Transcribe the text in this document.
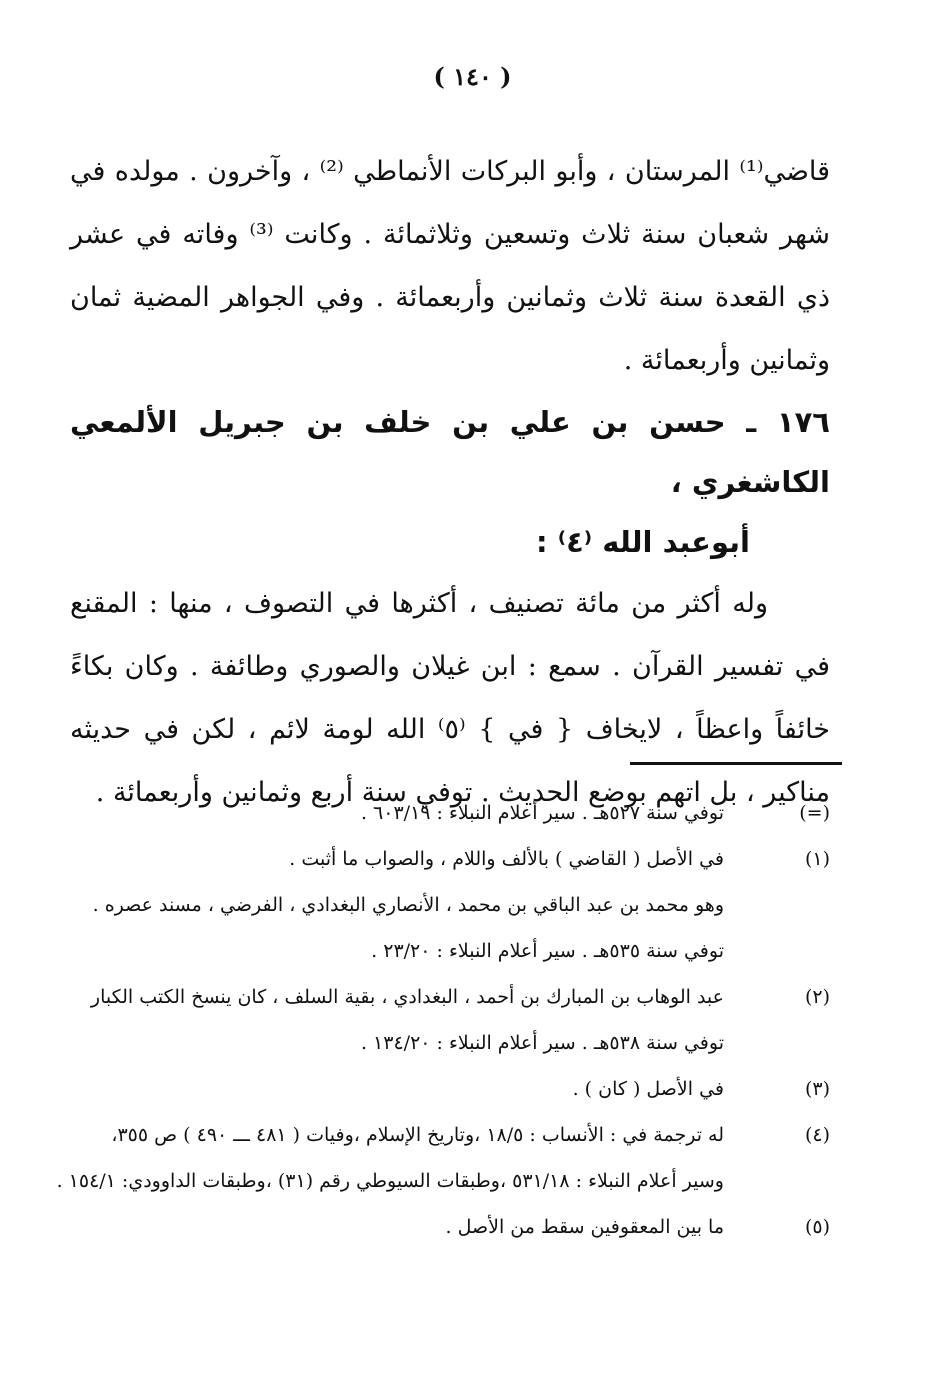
( ١٤٠ )

قاضي⁽¹⁾ المرستان ، وأبو البركات الأنماطي ⁽²⁾ ، وآخرون . مولده في شهر شعبان سنة ثلاث وتسعين وثلاثمائة . وكانت ⁽³⁾ وفاته في عشر ذي القعدة سنة ثلاث وثمانين وأربعمائة . وفي الجواهر المضية ثمان وثمانين وأربعمائة .

١٧٦ ـ حسن بن علي بن خلف بن جبريل الألمعي الكاشغري ،
أبوعبد الله ⁽٤⁾ :

وله أكثر من مائة تصنيف ، أكثرها في التصوف ، منها : المقنع في تفسير القرآن . سمع : ابن غيلان والصوري وطائفة . وكان بكاءً خائفاً واعظاً ، لايخاف { في } ⁽٥⁾ الله لومة لائم ، لكن في حديثه مناكير ، بل اتهم بوضع الحديث . توفي سنة أربع وثمانين وأربعمائة .

(=)
توفي سنة ٥٢٧هـ . سير أعلام النبلاء : ٦٠٣/١٩ .
(١)
في الأصل ( القاضي ) بالألف واللام ، والصواب ما أثبت .
وهو محمد بن عبد الباقي بن محمد ، الأنصاري البغدادي ، الفرضي ، مسند عصره .
توفي سنة ٥٣٥هـ . سير أعلام النبلاء : ٢٣/٢٠ .
(٢)
عبد الوهاب بن المبارك بن أحمد ، البغدادي ، بقية السلف ، كان ينسخ الكتب الكبار
توفي سنة ٥٣٨هـ . سير أعلام النبلاء : ١٣٤/٢٠ .
(٣)
في الأصل ( كان ) .
(٤)
له ترجمة في : الأنساب : ١٨/٥ ،وتاريخ الإسلام ،وفيات ( ٤٨١ ـــ ٤٩٠ ) ص ٣٥٥،
وسير أعلام النبلاء : ٥٣١/١٨ ،وطبقات السيوطي رقم (٣١) ،وطبقات الداوودي: ١٥٤/١ .
(٥)
ما بين المعقوفين سقط من الأصل .
